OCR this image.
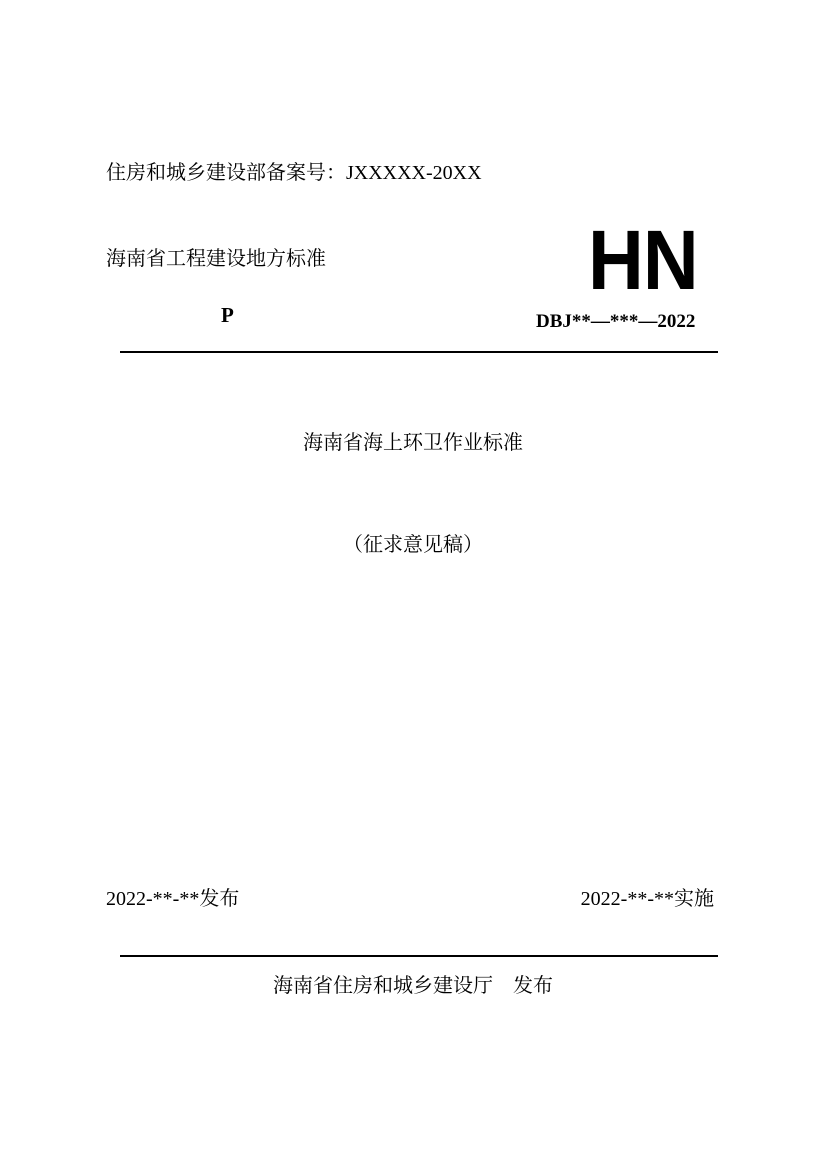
住房和城乡建设部备案号：JXXXXX-20XX
海南省工程建设地方标准	HN
P	DBJ**—***—2022
海南省海上环卫作业标准
（征求意见稿）
2022-**-**发布	2022-**-**实施
海南省住房和城乡建设厅    发布
